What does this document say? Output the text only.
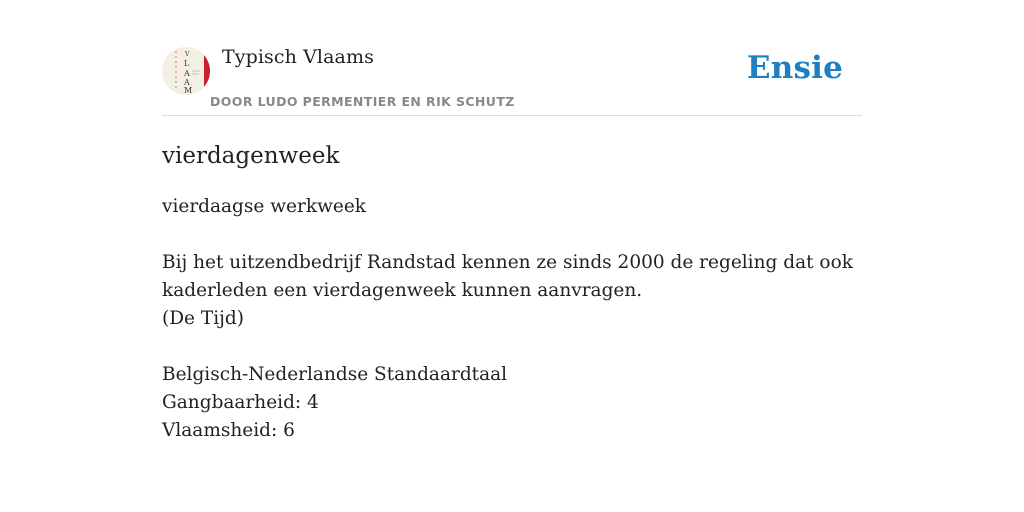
V
L
A
A
M
Typisch Vlaams
DOOR LUDO PERMENTIER EN RIK SCHUTZ
Ensie
vierdagenweek
vierdaagse werkweek
Bij het uitzendbedrijf Randstad kennen ze sinds 2000 de regeling dat ook
kaderleden een vierdagenweek kunnen aanvragen.
(De Tijd)
Belgisch-Nederlandse Standaardtaal
Gangbaarheid: 4
Vlaamsheid: 6
